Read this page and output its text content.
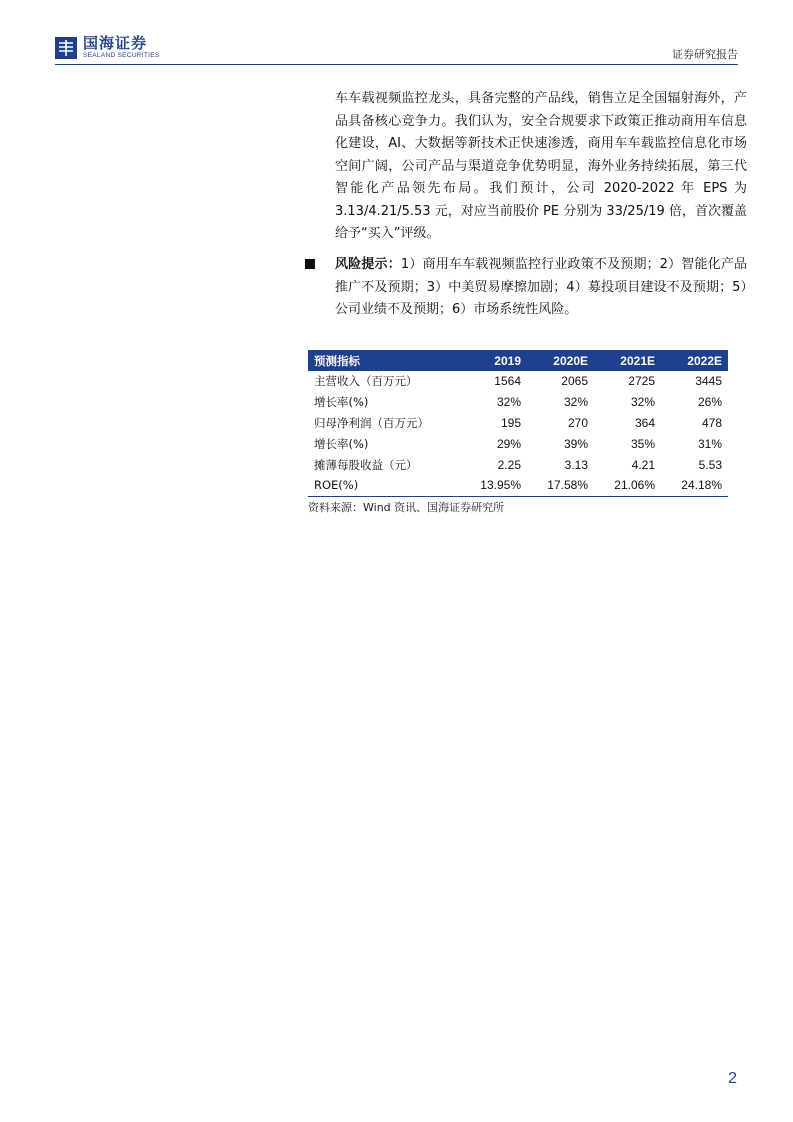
国海证券
SEALAND SECURITIES	证券研究报告

车车载视频监控龙头，具备完整的产品线，销售立足全国辐射海外，产品具备核心竞争力。我们认为，安全合规要求下政策正推动商用车信息化建设，AI、大数据等新技术正快速渗透，商用车车载监控信息化市场空间广阔，公司产品与渠道竞争优势明显，海外业务持续拓展，第三代智能化产品领先布局。我们预计，公司 2020-2022 年 EPS 为 3.13/4.21/5.53 元，对应当前股价 PE 分别为 33/25/19 倍，首次覆盖给予“买入”评级。

风险提示：1）商用车车载视频监控行业政策不及预期；2）智能化产品推广不及预期；3）中美贸易摩擦加剧；4）募投项目建设不及预期；5）公司业绩不及预期；6）市场系统性风险。

预测指标	2019	2020E	2021E	2022E
主营收入（百万元）	1564	2065	2725	3445
增长率(%)	32%	32%	32%	26%
归母净利润（百万元）	195	270	364	478
增长率(%)	29%	39%	35%	31%
摊薄每股收益（元）	2.25	3.13	4.21	5.53
ROE(%)	13.95%	17.58%	21.06%	24.18%
资料来源：Wind 资讯、国海证券研究所
2
